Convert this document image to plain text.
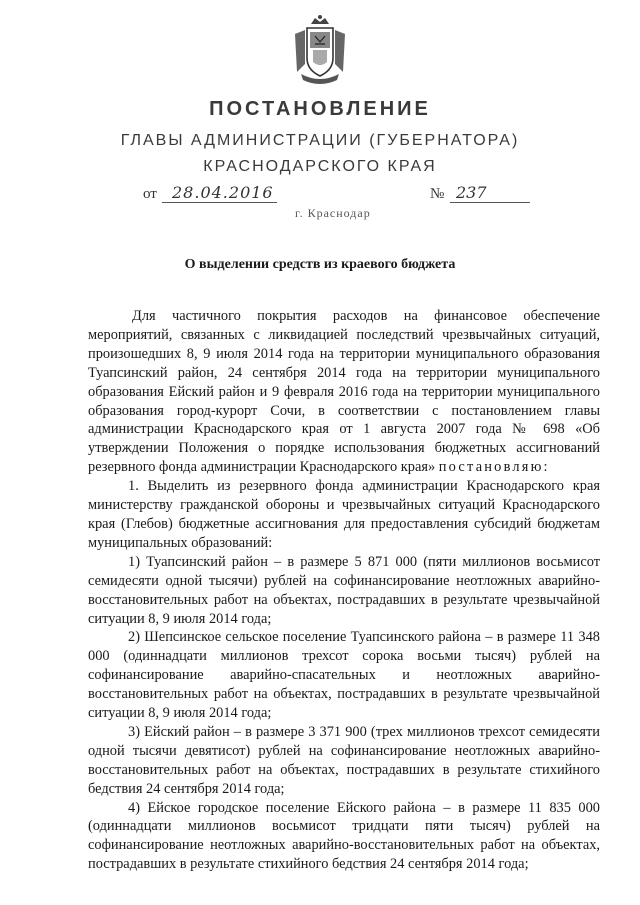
ПОСТАНОВЛЕНИЕ
ГЛАВЫ АДМИНИСТРАЦИИ (ГУБЕРНАТОРА)
КРАСНОДАРСКОГО КРАЯ
от 28.04.2016	№ 237
г. Краснодар
О выделении средств из краевого бюджета

Для частичного покрытия расходов на финансовое обеспечение мероприятий, связанных с ликвидацией последствий чрезвычайных ситуаций, произошедших 8, 9 июля 2014 года на территории муниципального образования Туапсинский район, 24 сентября 2014 года на территории муниципального образования Ейский район и 9 февраля 2016 года на территории муниципального образования город-курорт Сочи, в соответствии с постановлением главы администрации Краснодарского края от 1 августа 2007 года № 698 «Об утверждении Положения о порядке использования бюджетных ассигнований резервного фонда администрации Краснодарского края» постановляю:

1. Выделить из резервного фонда администрации Краснодарского края министерству гражданской обороны и чрезвычайных ситуаций Краснодарского края (Глебов) бюджетные ассигнования для предоставления субсидий бюджетам муниципальных образований:

1) Туапсинский район – в размере 5 871 000 (пяти миллионов восьмисот семидесяти одной тысячи) рублей на софинансирование неотложных аварийно-восстановительных работ на объектах, пострадавших в результате чрезвычайной ситуации 8, 9 июля 2014 года;

2) Шепсинское сельское поселение Туапсинского района – в размере 11 348 000 (одиннадцати миллионов трехсот сорока восьми тысяч) рублей на софинансирование аварийно-спасательных и неотложных аварийно-восстановительных работ на объектах, пострадавших в результате чрезвычайной ситуации 8, 9 июля 2014 года;

3) Ейский район – в размере 3 371 900 (трех миллионов трехсот семидесяти одной тысячи девятисот) рублей на софинансирование неотложных аварийно-восстановительных работ на объектах, пострадавших в результате стихийного бедствия 24 сентября 2014 года;

4) Ейское городское поселение Ейского района – в размере 11 835 000 (одиннадцати миллионов восьмисот тридцати пяти тысяч) рублей на софинансирование неотложных аварийно-восстановительных работ на объектах, пострадавших в результате стихийного бедствия 24 сентября 2014 года;
